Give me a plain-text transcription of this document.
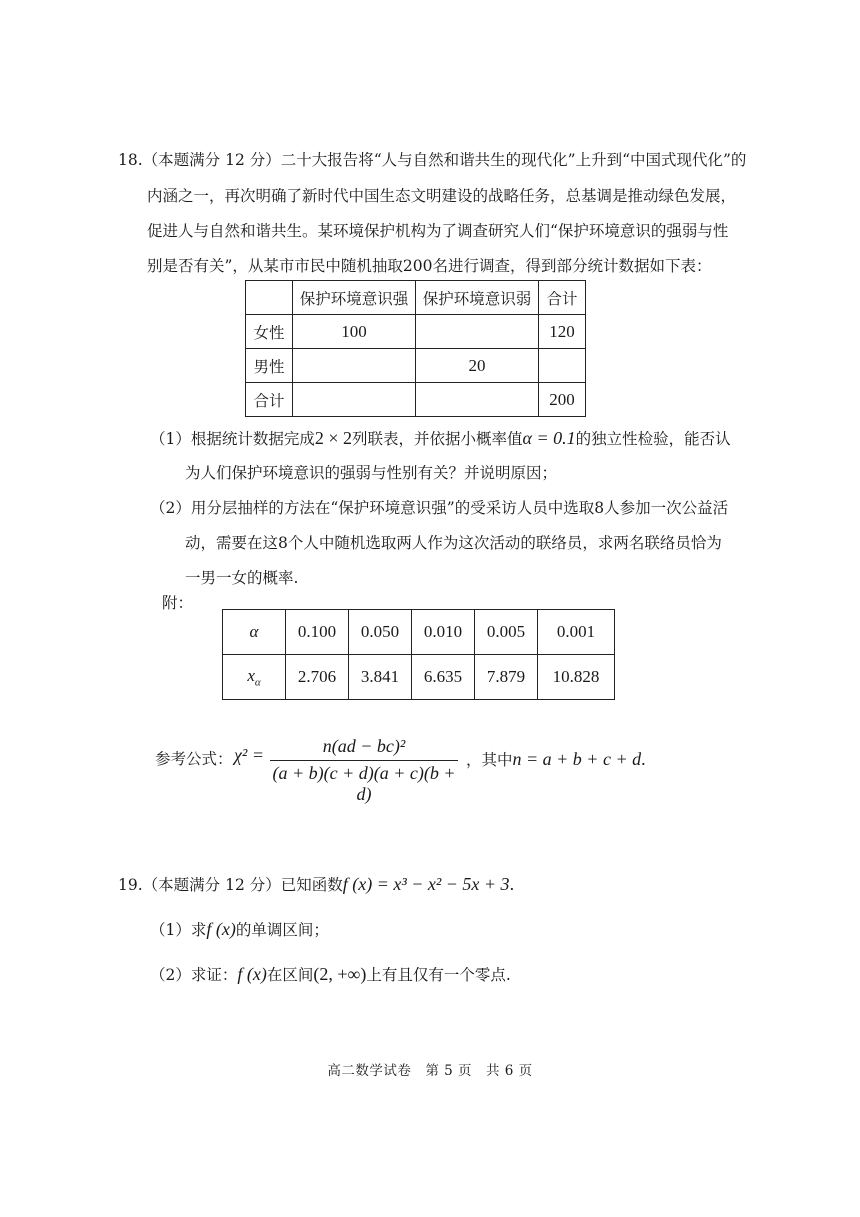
18.（本题满分 12 分）二十大报告将“人与自然和谐共生的现代化”上升到“中国式现代化”的
内涵之一，再次明确了新时代中国生态文明建设的战略任务，总基调是推动绿色发展，
促进人与自然和谐共生。某环境保护机构为了调查研究人们“保护环境意识的强弱与性
别是否有关”，从某市市民中随机抽取200名进行调查，得到部分统计数据如下表：
	保护环境意识强	保护环境意识弱	合计
女性	100		120
男性		20	
合计			200
（1）根据统计数据完成2 × 2列联表，并依据小概率值α = 0.1的独立性检验，能否认
为人们保护环境意识的强弱与性别有关？并说明原因；
（2）用分层抽样的方法在“保护环境意识强”的受采访人员中选取8人参加一次公益活
动，需要在这8个人中随机选取两人作为这次活动的联络员，求两名联络员恰为
一男一女的概率.
附：
α	0.100	0.050	0.010	0.005	0.001
$x_\alpha$	2.706	3.841	6.635	7.879	10.828
参考公式： χ² =	n(ad − bc)²
(a + b)(c + d)(a + c)(b + d)
，其中n = a + b + c + d.
19.（本题满分 12 分）已知函数f (x) = x³ − x² − 5x + 3.
（1）求f (x)的单调区间；
（2）求证：f (x)在区间(2, +∞)上有且仅有一个零点.
高二数学试卷　第 5 页　共 6 页
